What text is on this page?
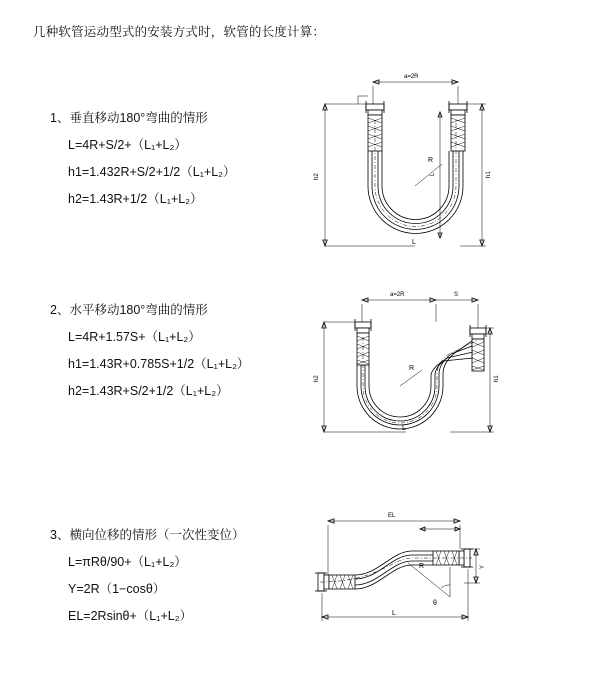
几种软管运动型式的安装方式时，软管的长度计算：
1、垂直移动180°弯曲的情形
L=4R+S/2+（L₁+L₂）
h1=1.432R+S/2+1/2（L₁+L₂）
h2=1.43R+1/2（L₁+L₂）
a=2R
h2	h1
L
R
L
2、水平移动180°弯曲的情形
L=4R+1.57S+（L₁+L₂）
h1=1.43R+0.785S+1/2（L₁+L₂）
h2=1.43R+S/2+1/2（L₁+L₂）
a=2R	S
h2	h1
R
L
3、横向位移的情形（一次性变位）
L=πRθ/90+（L₁+L₂）
Y=2R（1−cosθ）
EL=2Rsinθ+（L₁+L₂）
EL
Y
θ
R
L
